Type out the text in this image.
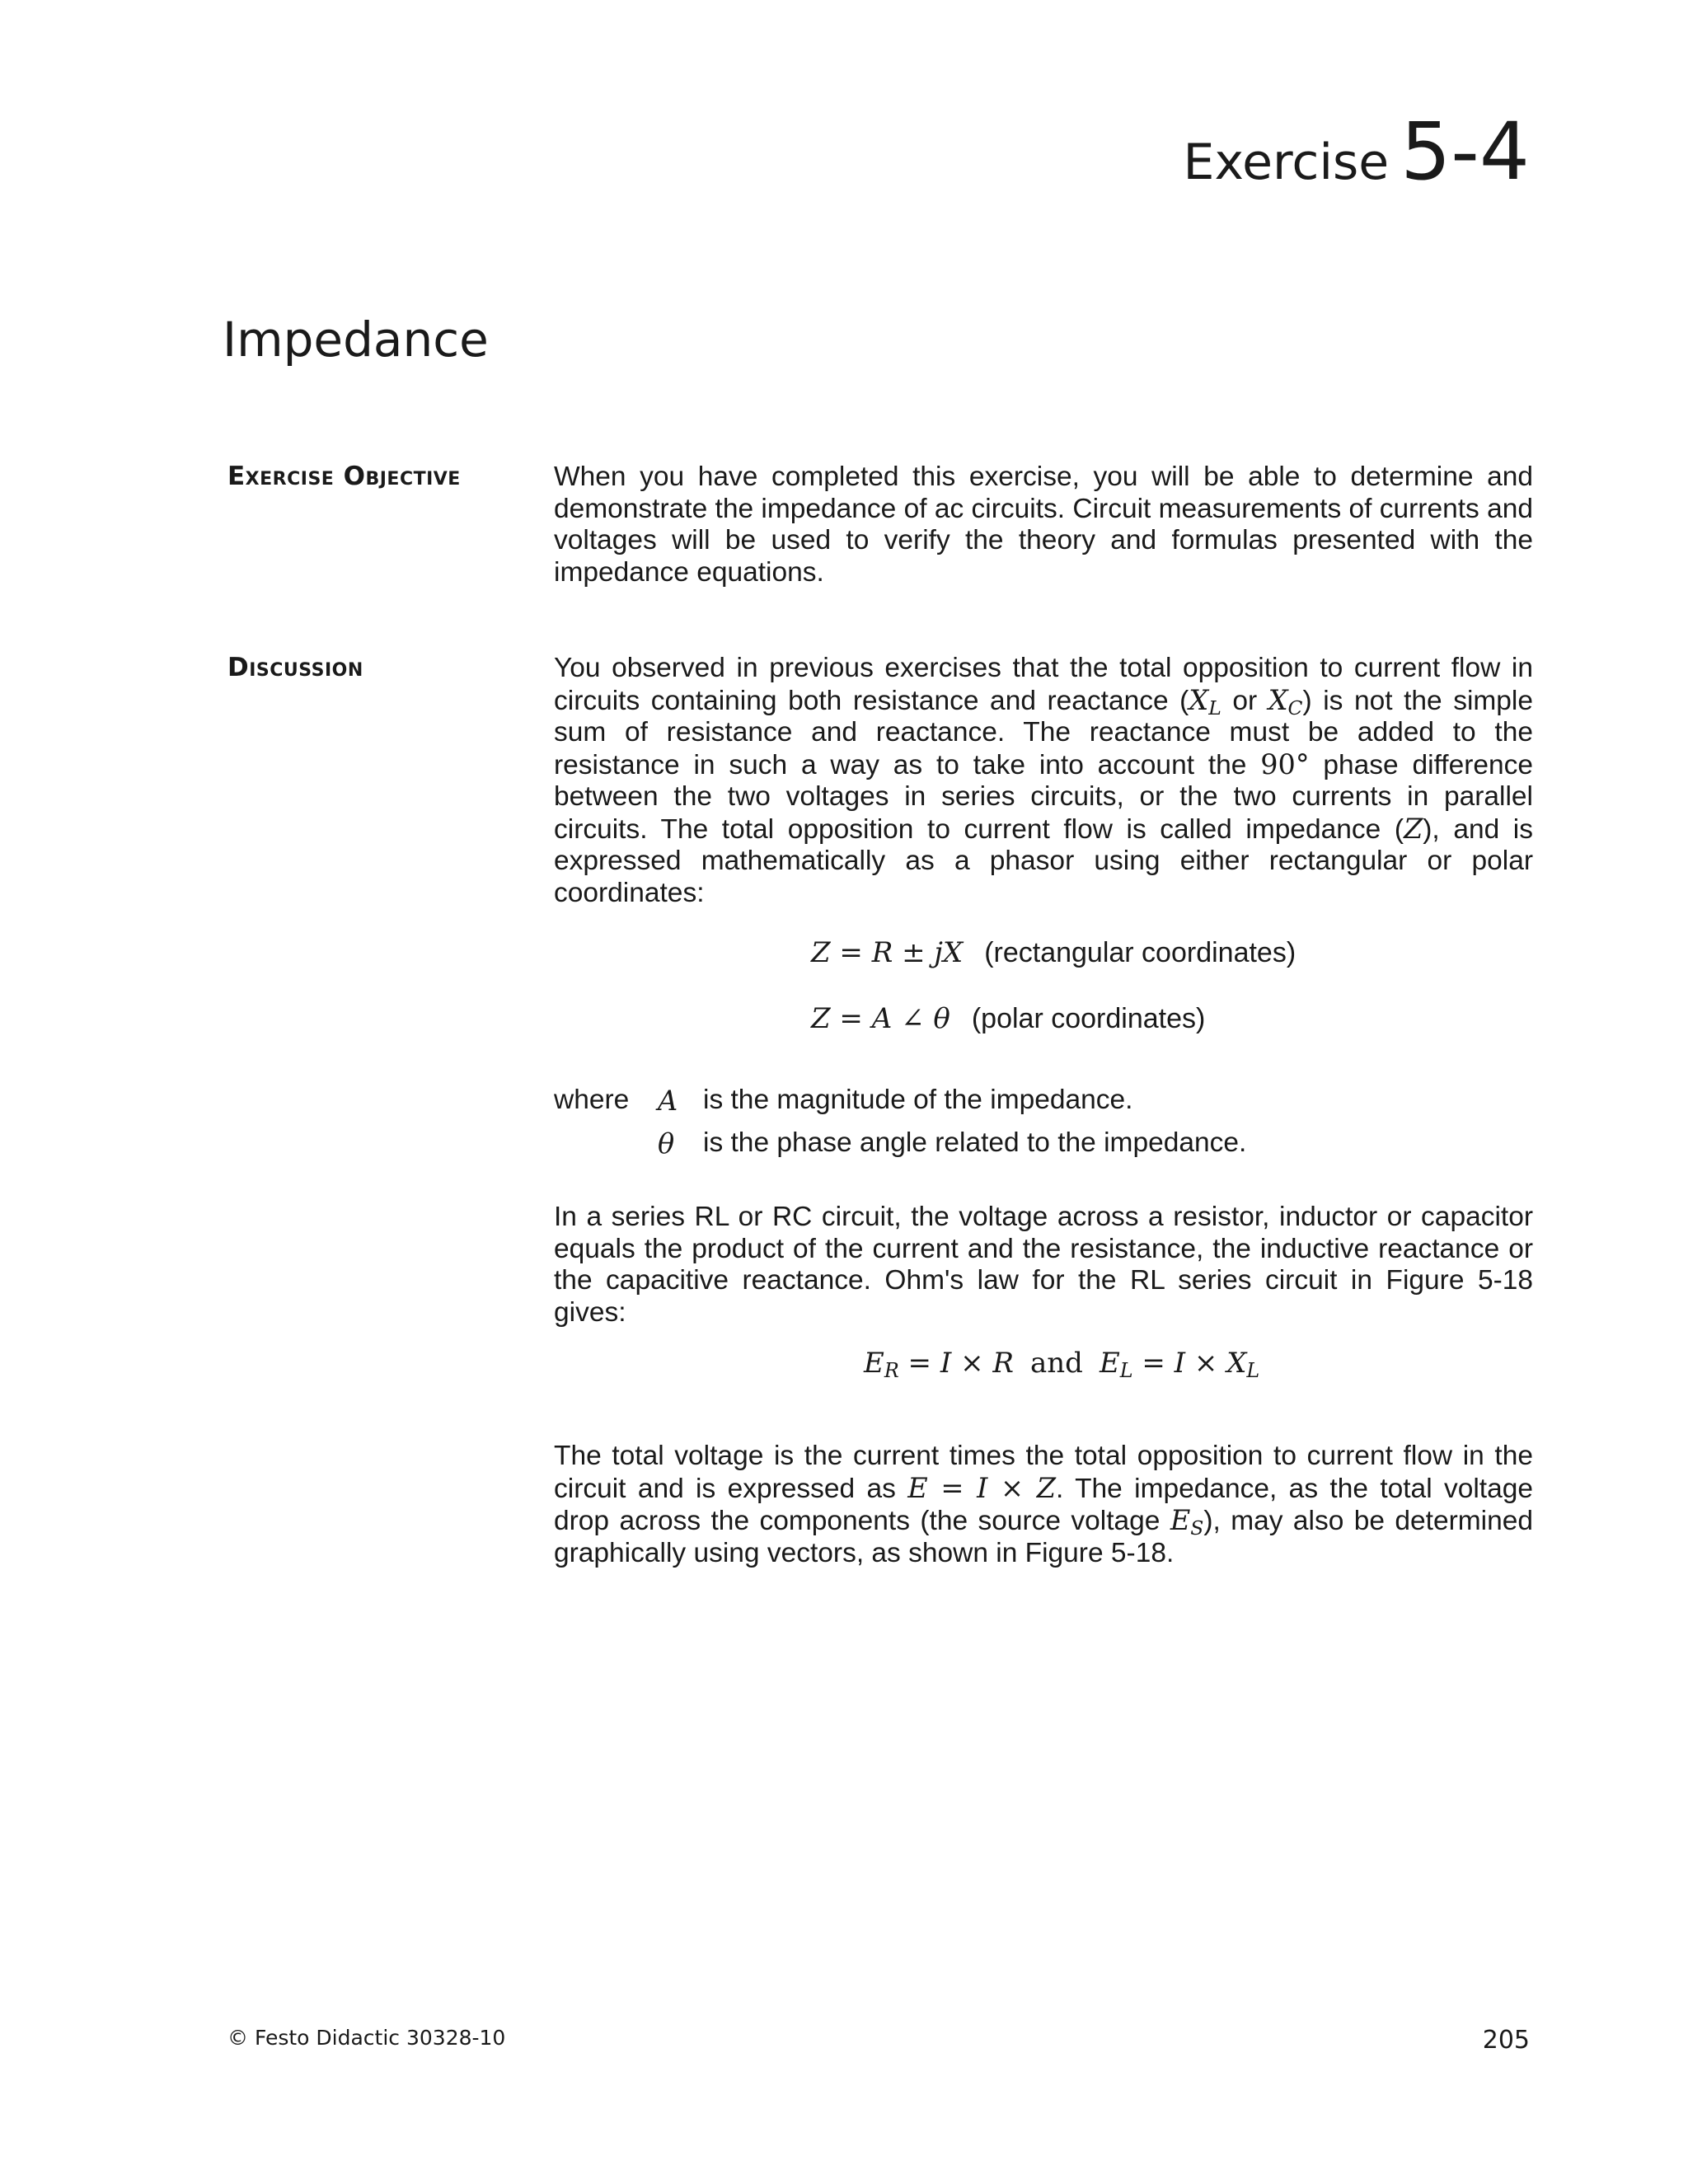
Exercise 5-4
Impedance
Exercise Objective	When you have completed this exercise, you will be able to determine and demonstrate the impedance of ac circuits. Circuit measurements of currents and voltages will be used to verify the theory and formulas presented with the impedance equations.

Discussion	You observed in previous exercises that the total opposition to current flow in circuits containing both resistance and reactance ($X_L$ or $X_C$) is not the simple sum of resistance and reactance. The reactance must be added to the resistance in such a way as to take into account the 90° phase difference between the two voltages in series circuits, or the two currents in parallel circuits. The total opposition to current flow is called impedance (Z), and is expressed mathematically as a phasor using either rectangular or polar coordinates:

Z = R ± jX (rectangular coordinates)
Z = A ∠ θ (polar coordinates)
where A is the magnitude of the impedance.
θ is the phase angle related to the impedance.

In a series RL or RC circuit, the voltage across a resistor, inductor or capacitor equals the product of the current and the resistance, the inductive reactance or the capacitive reactance. Ohm's law for the RL series circuit in Figure 5-18 gives:

$E_R = I \times R$ and $E_L = I \times X_L$

The total voltage is the current times the total opposition to current flow in the circuit and is expressed as E = I × Z. The impedance, as the total voltage drop across the components (the source voltage $E_S$), may also be determined graphically using vectors, as shown in Figure 5-18.

© Festo Didactic 30328-10	205
